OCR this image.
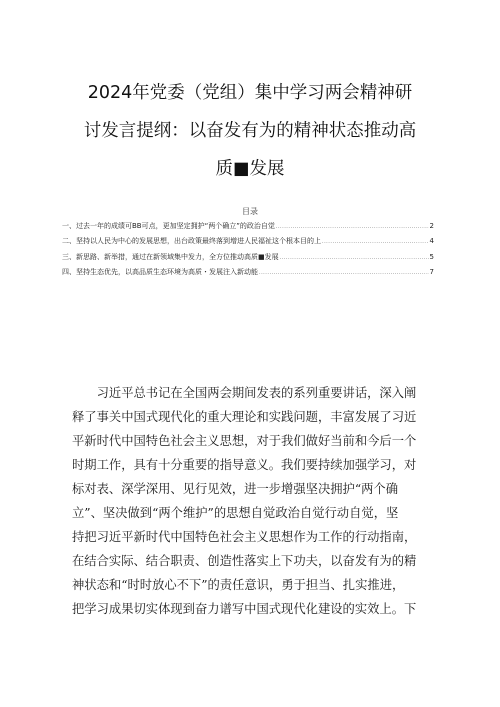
2024年党委（党组）集中学习两会精神研
讨发言提纲：以奋发有为的精神状态推动高
质■发展
目录
一、过去一年的成绩可BB可点，更加坚定拥护“两个确立”的政治自觉 .....	2
二、坚持以人民为中心的发展思想，出台政策最终落到增进人民福祉这个根本目的上 .....	4
三、新思路、新举措，通过在新领域集中发力，全方位推动高质■发展 .....	5
四、坚持生态优先，以高品质生态环境为高质・发展注入新动能 .....	7
　　习近平总书记在全国两会期间发表的系列重要讲话，深入阐
释了事关中国式现代化的重大理论和实践问题，丰富发展了习近
平新时代中国特色社会主义思想，对于我们做好当前和今后一个
时期工作，具有十分重要的指导意义。我们要持续加强学习，对
标对表、深学深用、见行见效，进一步增强坚决拥护“两个确
立”、坚决做到“两个维护”的思想自觉政治自觉行动自觉，坚
持把习近平新时代中国特色社会主义思想作为工作的行动指南，
在结合实际、结合职责、创造性落实上下功夫，以奋发有为的精
神状态和“时时放心不下”的责任意识，勇于担当、扎实推进，
把学习成果切实体现到奋力谱写中国式现代化建设的实效上。下
